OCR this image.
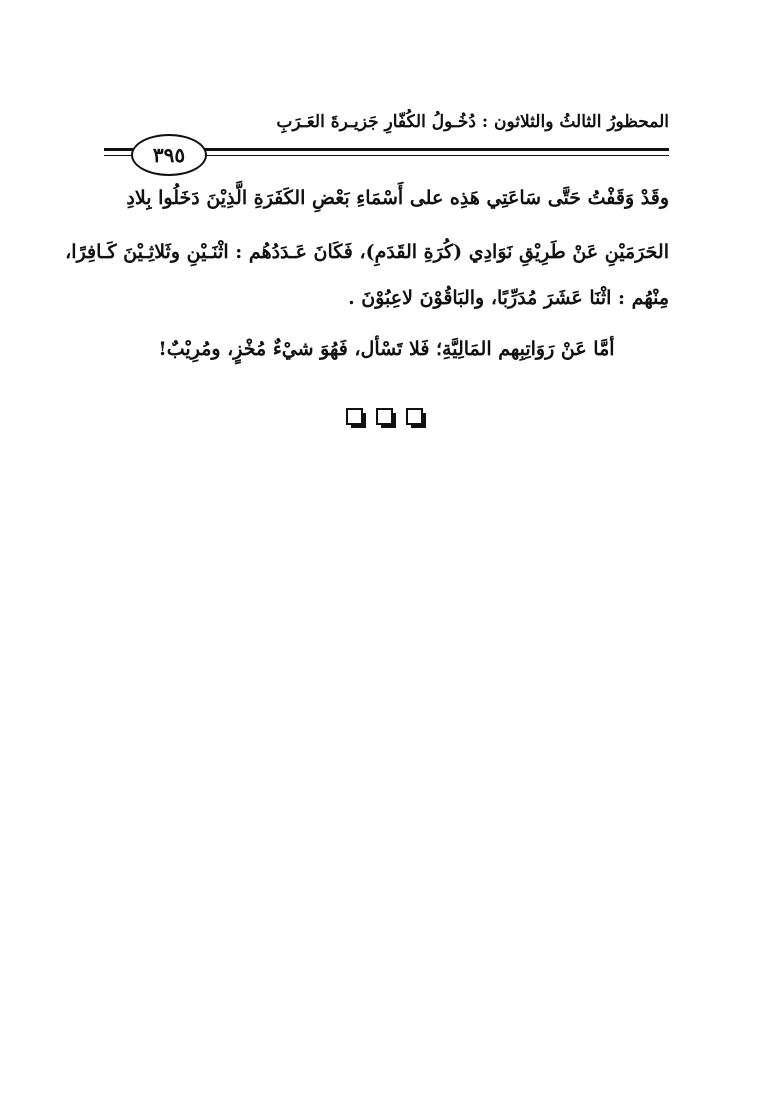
المحظورُ الثالثُ والثلاثون : دُخُـولُ الكُفّارِ جَزيـرةَ العَـرَبِ
٣٩٥
وقَدْ وَقَفْتُ حَتَّى سَاعَتِي هَذِه على أَسْمَاءِ بَعْضِ الكَفَرَةِ الَّذِيْنَ دَخَلُوا بِلادِ
الحَرَمَيْنِ عَنْ طَرِيْقِ نَوَادِي (كُرَةِ القَدَمِ)، فَكَانَ عَـدَدُهُم : اثْنَـيْنِ وثَلاثِـيْنَ كَـافِرًا،
مِنْهُم : اثْنَا عَشَرَ مُدَرِّبًا، والبَاقُوْنَ لاعِبُوْنَ .
أمَّا عَنْ رَوَاتِبِهم المَالِيَّةِ؛ فَلا تَسْأل، فَهُوَ شيْءٌ مُخْزٍ، ومُرِيْبٌ!
